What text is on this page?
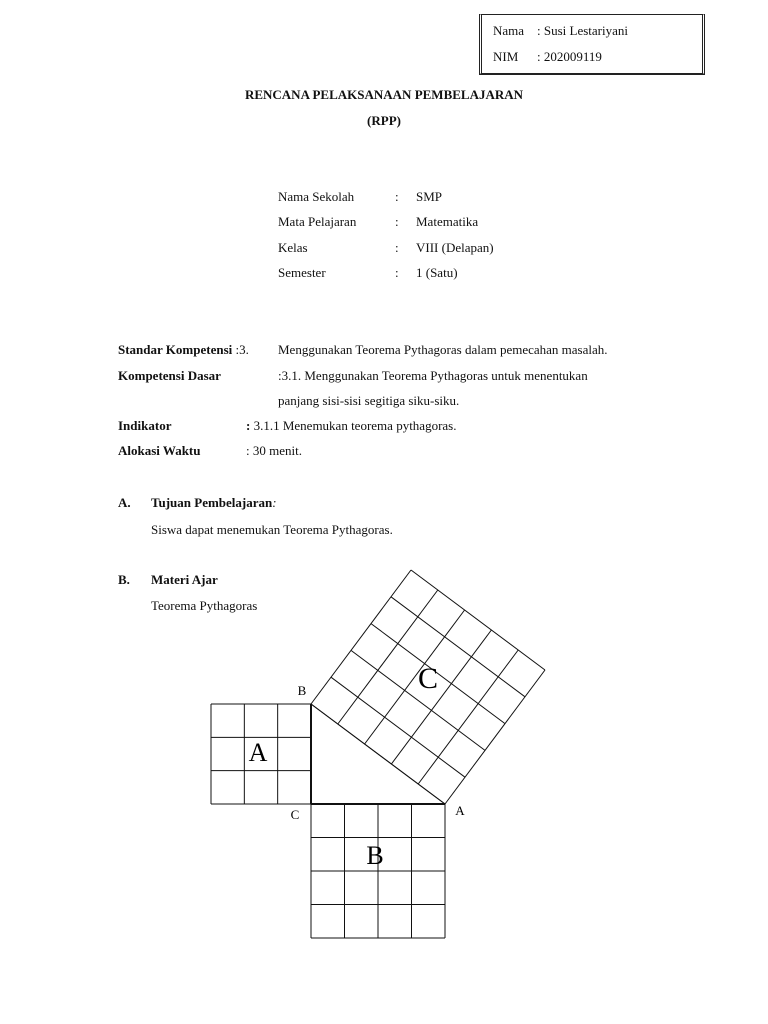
Nama : Susi Lestariyani
NIM : 202009119
RENCANA PELAKSANAAN PEMBELAJARAN
(RPP)
Nama Sekolah	: SMP
Mata Pelajaran	: Matematika
Kelas	: VIII (Delapan)
Semester	: 1 (Satu)
Standar Kompetensi :3. Menggunakan Teorema Pythagoras dalam pemecahan masalah.
Kompetensi Dasar	:3.1. Menggunakan Teorema Pythagoras untuk menentukan
panjang sisi-sisi segitiga siku-siku.
Indikator	: 3.1.1 Menemukan teorema pythagoras.
Alokasi Waktu	: 30 menit.
A. Tujuan Pembelajaran:
Siswa dapat menemukan Teorema Pythagoras.
B. Materi Ajar
Teorema Pythagoras
B
A
C
B
C	A
